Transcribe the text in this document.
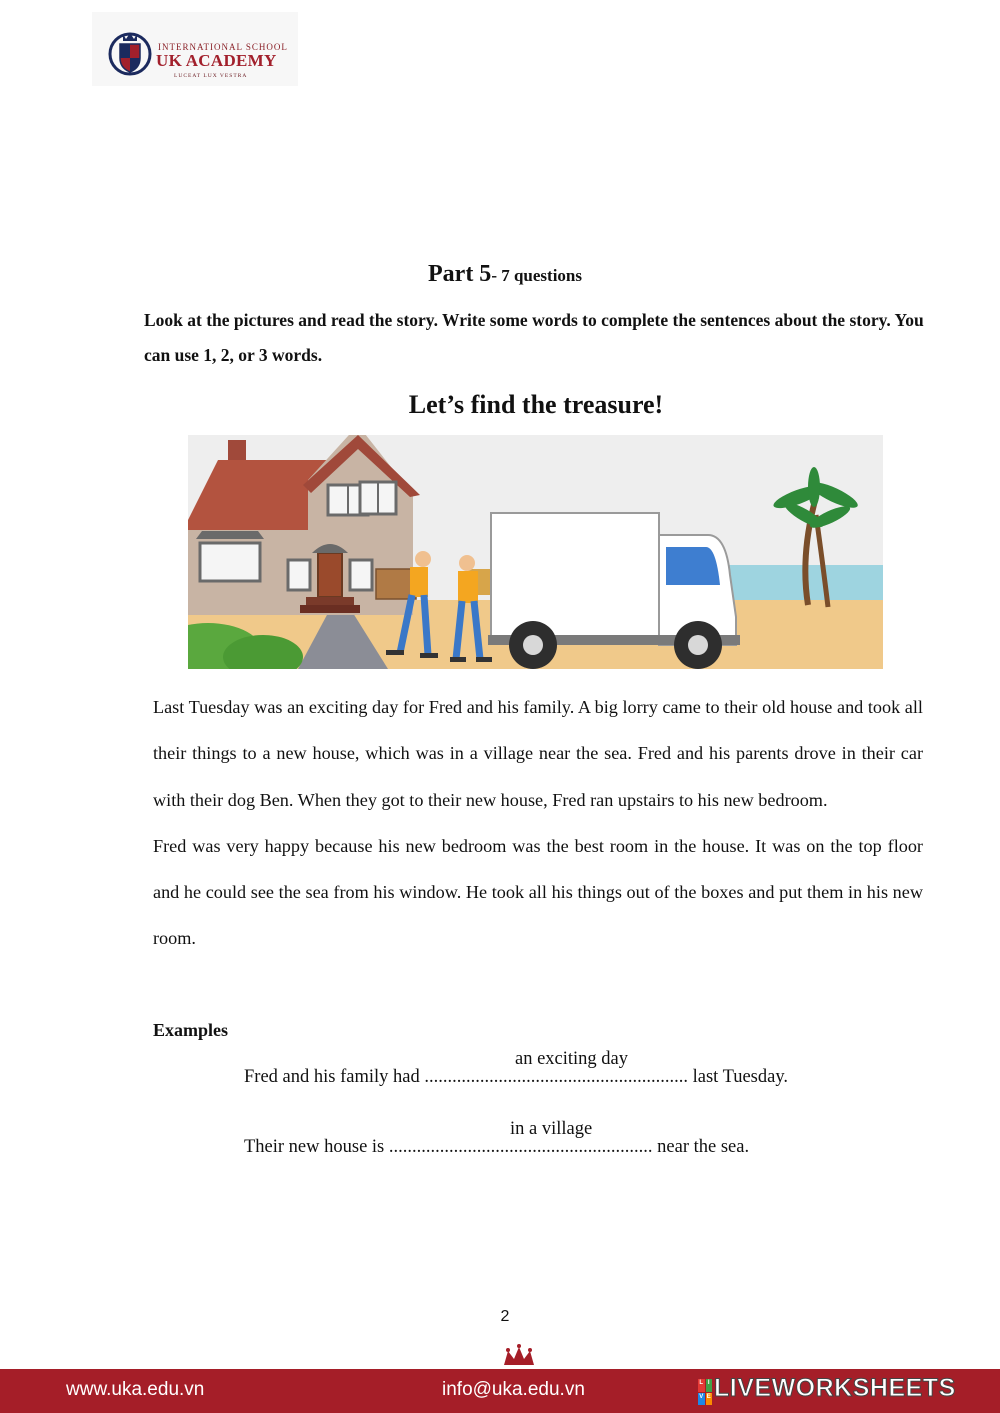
INTERNATIONAL SCHOOL
UK ACADEMY
LUCEAT LUX VESTRA
Part 5- 7 questions
Look at the pictures and read the story. Write some words to complete the sentences about the story. You can use 1, 2, or 3 words.
Let’s find the treasure!

Last Tuesday was an exciting day for Fred and his family. A big lorry came to their old house and took all their things to a new house, which was in a village near the sea. Fred and his parents drove in their car with their dog Ben. When they got to their new house, Fred ran upstairs to his new bedroom.

Fred was very happy because his new bedroom was the best room in the house. It was on the top floor and he could see the sea from his window. He took all his things out of the boxes and put them in his new room.

Examples
an exciting day
Fred and his family had ......................................................... last Tuesday.
in a village
Their new house is ......................................................... near the sea.
2
www.uka.edu.vn	info@uka.edu.vn	L I
V E LIVEWORKSHEETS
